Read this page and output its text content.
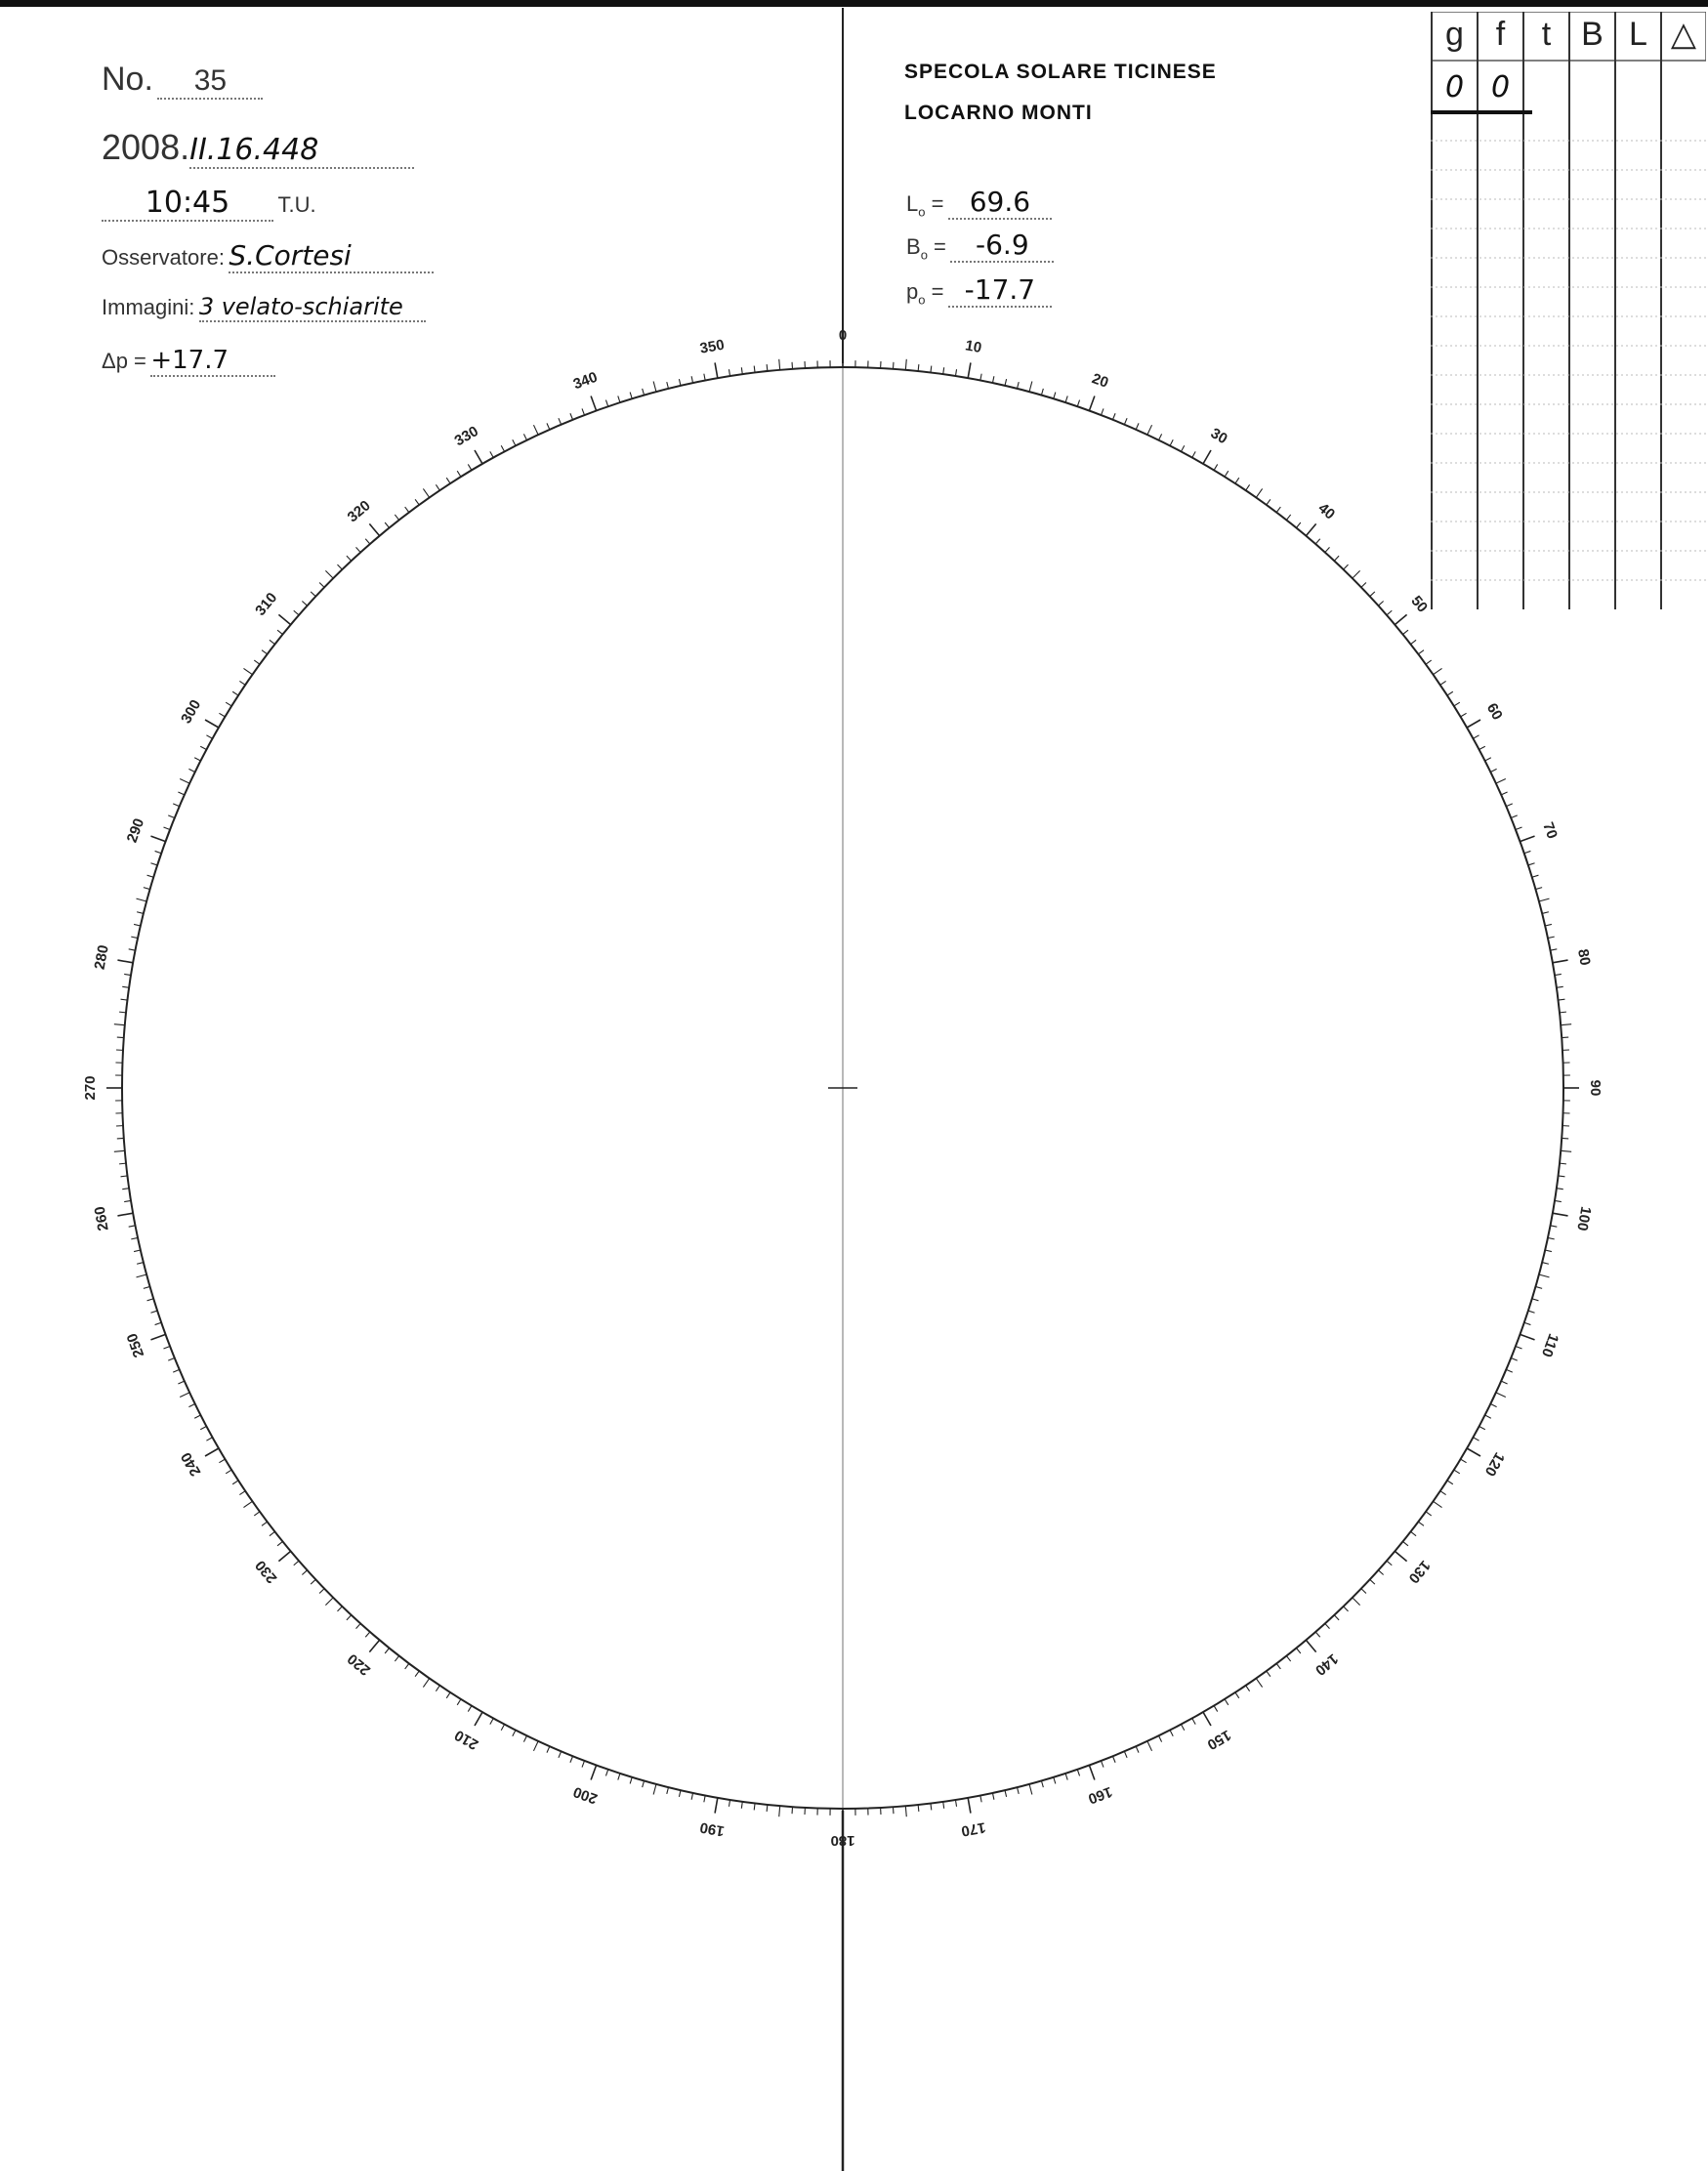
No. 35
2008.II.16.448
10:45 T.U.
Osservatore: S.Cortesi
Immagini: 3 velato-schiarite
Δp = +17.7
SPECOLA SOLARE TICINESE
LOCARNO MONTI
$L_o = 69.6$
$B_o = -6.9$
$p_o = -17.7$
0
10
20
30
40
50
60
70
80
90
100
110
120
130
140
150
160
170
180
190
200
210
220
230
240
250
260
270
280
290
300
310
320
330
340
350
g f	t B L △
0 0
